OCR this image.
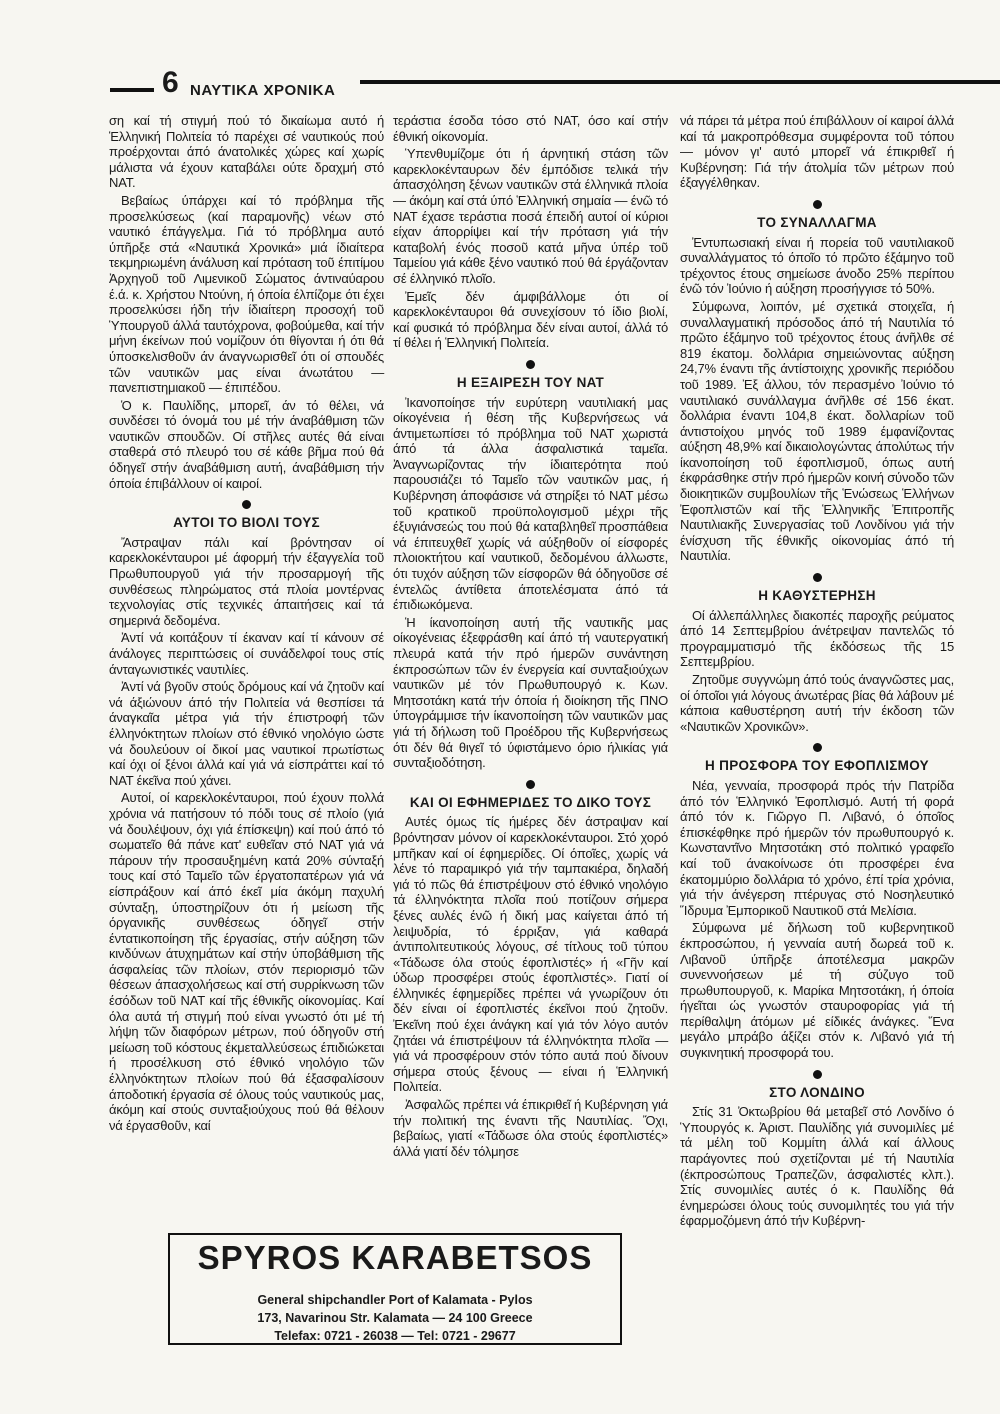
6 ΝΑΥΤΙΚΑ ΧΡΟΝΙΚΑ

ση καί τή στιγμή πού τό δικαίωμα αυτό ή Ἑλληνική Πολιτεία τό παρέχει σέ ναυτικούς πού προέρχονται άπό άνατολικές χώρες καί χωρίς μάλιστα νά έχουν καταβάλει ούτε δραχμή στό ΝΑΤ.

Βεβαίως ύπάρχει καί τό πρόβλημα τῆς προσελκύσεως (καί παραμονῆς) νέων στό ναυτικό έπάγγελμα. Γιά τό πρόβλημα αυτό ύπῆρξε στά «Ναυτικά Χρονικά» μιά ίδιαίτερα τεκμηριωμένη άνάλυση καί πρόταση τοῦ έπιτίμου Ἀρχηγοῦ τοῦ Λιμενικοῦ Σώματος άντιναύαρου έ.ά. κ. Χρήστου Ντούνη, ή όποία έλπίζομε ότι έχει προσελκύσει ήδη τήν ίδιαίτερη προσοχή τοῦ Ὑπουργοῦ άλλά ταυτόχρονα, φοβούμεθα, καί τήν μήνη έκείνων πού νομίζουν ότι θίγονται ή ότι θά ύποσκελισθοῦν άν άναγνωρισθεῖ ότι οί σπουδές τῶν ναυτικῶν μας είναι άνωτάτου — πανεπιστημιακοῦ — έπιπέδου.

Ὁ κ. Παυλίδης, μπορεῖ, άν τό θέλει, νά συνδέσει τό όνομά του μέ τήν άναβάθμιση τῶν ναυτικῶν σπουδῶν. Οί στῆλες αυτές θά είναι σταθερά στό πλευρό του σέ κάθε βῆμα πού θά όδηγεῖ στήν άναβάθμιση αυτή, άναβάθμιση τήν όποία έπιβάλλουν οί καιροί.

ΑΥΤΟΙ ΤΟ ΒΙΟΛΙ ΤΟΥΣ

Ἄστραψαν πάλι καί βρόντησαν οί καρεκλοκένταυροι μέ άφορμή τήν έξαγγελία τοῦ Πρωθυπουργοῦ γιά τήν προσαρμογή τῆς συνθέσεως πληρώματος στά πλοία μοντέρνας τεχνολογίας στίς τεχνικές άπαιτήσεις καί τά σημερινά δεδομένα.

Ἀντί νά κοιτάξουν τί έκαναν καί τί κάνουν σέ άνάλογες περιπτώσεις οί συνάδελφοί τους στίς άνταγωνιστικές ναυτιλίες.

Ἀντί νά βγοῦν στούς δρόμους καί νά ζητοῦν καί νά άξιώνουν άπό τήν Πολιτεία νά θεσπίσει τά άναγκαῖα μέτρα γιά τήν έπιστροφή τῶν έλληνόκτητων πλοίων στό έθνικό νηολόγιο ώστε νά δουλεύουν οί δικοί μας ναυτικοί πρωτίστως καί όχι οί ξένοι άλλά καί γιά νά είσπράττει καί τό ΝΑΤ έκεῖνα πού χάνει.

Αυτοί, οί καρεκλοκένταυροι, πού έχουν πολλά χρόνια νά πατήσουν τό πόδι τους σέ πλοίο (γιά νά δουλέψουν, όχι γιά έπίσκεψη) καί πού άπό τό σωματεῖο θά πάνε κατ' ευθεῖαν στό ΝΑΤ γιά νά πάρουν τήν προσαυξημένη κατά 20% σύνταξή τους καί στό Ταμεῖο τῶν έργατοπατέρων γιά νά είσπράξουν καί άπό έκεῖ μία άκόμη παχυλή σύνταξη, ύποστηρίζουν ότι ή μείωση τῆς όργανικῆς συνθέσεως όδηγεῖ στήν έντατικοποίηση τῆς έργασίας, στήν αύξηση τῶν κινδύνων άτυχημάτων καί στήν ύποβάθμιση τῆς άσφαλείας τῶν πλοίων, στόν περιορισμό τῶν θέσεων άπασχολήσεως καί στή συρρίκνωση τῶν έσόδων τοῦ ΝΑΤ καί τῆς έθνικῆς οίκονομίας. Καί όλα αυτά τή στιγμή πού είναι γνωστό ότι μέ τή λήψη τῶν διαφόρων μέτρων, πού όδηγοῦν στή μείωση τοῦ κόστους έκμεταλλεύσεως έπιδιώκεται ή προσέλκυση στό έθνικό νηολόγιο τῶν έλληνόκτητων πλοίων πού θά έξασφαλίσουν άποδοτική έργασία σέ όλους τούς ναυτικούς μας, άκόμη καί στούς συνταξιούχους πού θά θέλουν νά έργασθοῦν, καί

τεράστια έσοδα τόσο στό ΝΑΤ, όσο καί στήν έθνική οίκονομία.

Ὑπενθυμίζομε ότι ή άρνητική στάση τῶν καρεκλοκένταυρων δέν έμπόδισε τελικά τήν άπασχόληση ξένων ναυτικῶν στά έλληνικά πλοία — άκόμη καί στά ύπό Ἑλληνική σημαία — ένῶ τό ΝΑΤ έχασε τεράστια ποσά έπειδή αυτοί οί κύριοι είχαν άπορρίψει καί τήν πρόταση γιά τήν καταβολή ένός ποσοῦ κατά μῆνα ύπέρ τοῦ Ταμείου γιά κάθε ξένο ναυτικό πού θά έργάζονταν σέ έλληνικό πλοῖο.

Ἐμεῖς δέν άμφιβάλλομε ότι οί καρεκλοκένταυροι θά συνεχίσουν τό ίδιο βιολί, καί φυσικά τό πρόβλημα δέν είναι αυτοί, άλλά τό τί θέλει ή Ἑλληνική Πολιτεία.

Η ΕΞΑΙΡΕΣΗ ΤΟΥ ΝΑΤ

Ἰκανοποίησε τήν ευρύτερη ναυτιλιακή μας οίκογένεια ή θέση τῆς Κυβερνήσεως νά άντιμετωπίσει τό πρόβλημα τοῦ ΝΑΤ χωριστά άπό τά άλλα άσφαλιστικά ταμεῖα. Ἀναγνωρίζοντας τήν ίδιαιτερότητα πού παρουσιάζει τό Ταμεῖο τῶν ναυτικῶν μας, ή Κυβέρνηση άποφάσισε νά στηρίξει τό ΝΑΤ μέσω τοῦ κρατικοῦ προϋπολογισμοῦ μέχρι τῆς έξυγιάνσεώς του πού θά καταβληθεῖ προσπάθεια νά έπιτευχθεῖ χωρίς νά αύξηθοῦν οί είσφορές πλοιοκτήτου καί ναυτικοῦ, δεδομένου άλλωστε, ότι τυχόν αύξηση τῶν είσφορῶν θά όδηγοῦσε σέ έντελῶς άντίθετα άποτελέσματα άπό τά έπιδιωκόμενα.

Ἡ ίκανοποίηση αυτή τῆς ναυτικῆς μας οίκογένειας έξεφράσθη καί άπό τή ναυτεργατική πλευρά κατά τήν πρό ήμερῶν συνάντηση έκπροσώπων τῶν έν ένεργεία καί συνταξιούχων ναυτικῶν μέ τόν Πρωθυπουργό κ. Κων. Μητσοτάκη κατά τήν όποία ή διοίκηση τῆς ΠΝΟ ύπογράμμισε τήν ίκανοποίηση τῶν ναυτικῶν μας γιά τή δήλωση τοῦ Προέδρου τῆς Κυβερνήσεως ότι δέν θά θιγεῖ τό ύφιστάμενο όριο ήλικίας γιά συνταξιοδότηση.

ΚΑΙ ΟΙ ΕΦΗΜΕΡΙΔΕΣ ΤΟ ΔΙΚΟ ΤΟΥΣ

Αυτές όμως τίς ήμέρες δέν άστραψαν καί βρόντησαν μόνον οί καρεκλοκένταυροι. Στό χορό μπῆκαν καί οί έφημερίδες. Οί όποῖες, χωρίς νά λένε τό παραμικρό γιά τήν ταμπακιέρα, δηλαδή γιά τό πῶς θά έπιστρέψουν στό έθνικό νηολόγιο τά έλληνόκτητα πλοῖα πού ποτίζουν σήμερα ξένες αυλές ένῶ ή δική μας καίγεται άπό τή λειψυδρία, τό έρριξαν, γιά καθαρά άντιπολιτευτικούς λόγους, σέ τίτλους τοῦ τύπου «Τάδωσε όλα στούς έφοπλιστές» ή «Γῆν καί ύδωρ προσφέρει στούς έφοπλιστές». Γιατί οί έλληνικές έφημερίδες πρέπει νά γνωρίζουν ότι δέν είναι οί έφοπλιστές έκεῖνοι πού ζητοῦν. Ἐκεῖνη πού έχει άνάγκη καί γιά τόν λόγο αυτόν ζητάει νά έπιστρέψουν τά έλληνόκτητα πλοῖα — γιά νά προσφέρουν στόν τόπο αυτά πού δίνουν σήμερα στούς ξένους — είναι ή Ἑλληνική Πολιτεία.

Ἀσφαλῶς πρέπει νά έπικριθεῖ ή Κυβέρνηση γιά τήν πολιτική της έναντι τῆς Ναυτιλίας. Ὄχι, βεβαίως, γιατί «Τάδωσε όλα στούς έφοπλιστές» άλλά γιατί δέν τόλμησε

νά πάρει τά μέτρα πού έπιβάλλουν οί καιροί άλλά καί τά μακροπρόθεσμα συμφέροντα τοῦ τόπου — μόνον γι' αυτό μπορεῖ νά έπικριθεῖ ή Κυβέρνηση: Γιά τήν άτολμία τῶν μέτρων πού έξαγγέλθηκαν.

ΤΟ ΣΥΝΑΛΛΑΓΜΑ

Ἐντυπωσιακή είναι ή πορεία τοῦ ναυτιλιακοῦ συναλλάγματος τό όποῖο τό πρῶτο έξάμηνο τοῦ τρέχοντος έτους σημείωσε άνοδο 25% περίπου ένῶ τόν Ἰούνιο ή αύξηση προσήγγισε τό 50%.

Σύμφωνα, λοιπόν, μέ σχετικά στοιχεῖα, ή συναλλαγματική πρόσοδος άπό τή Ναυτιλία τό πρῶτο έξάμηνο τοῦ τρέχοντος έτους άνῆλθε σέ 819 έκατομ. δολλάρια σημειώνοντας αύξηση 24,7% έναντι τῆς άντίστοιχης χρονικῆς περιόδου τοῦ 1989. Ἐξ άλλου, τόν περασμένο Ἰούνιο τό ναυτιλιακό συνάλλαγμα άνῆλθε σέ 156 έκατ. δολλάρια έναντι 104,8 έκατ. δολλαρίων τοῦ άντιστοίχου μηνός τοῦ 1989 έμφανίζοντας αύξηση 48,9% καί δικαιολογώντας άπολύτως τήν ίκανοποίηση τοῦ έφοπλισμοῦ, όπως αυτή έκφράσθηκε στήν πρό ήμερῶν κοινή σύνοδο τῶν διοικητικῶν συμβουλίων τῆς Ἑνώσεως Ἑλλήνων Ἐφοπλιστῶν καί τῆς Ἑλληνικῆς Ἐπιτροπῆς Ναυτιλιακῆς Συνεργασίας τοῦ Λονδίνου γιά τήν ένίσχυση τῆς έθνικῆς οίκονομίας άπό τή Ναυτιλία.

Η ΚΑΘΥΣΤΕΡΗΣΗ

Οί άλλεπάλληλες διακοπές παροχῆς ρεύματος άπό 14 Σεπτεμβρίου άνέτρεψαν παντελῶς τό προγραμματισμό τῆς έκδόσεως τῆς 15 Σεπτεμβρίου.

Ζητοῦμε συγγνώμη άπό τούς άναγνῶστες μας, οί όποῖοι γιά λόγους άνωτέρας βίας θά λάβουν μέ κάποια καθυστέρηση αυτή τήν έκδοση τῶν «Ναυτικῶν Χρονικῶν».

Η ΠΡΟΣΦΟΡΑ ΤΟΥ ΕΦΟΠΛΙΣΜΟΥ

Νέα, γενναία, προσφορά πρός τήν Πατρίδα άπό τόν Ἑλληνικό Ἐφοπλισμό. Αυτή τή φορά άπό τόν κ. Γιῶργο Π. Λιβανό, ό όποῖος έπισκέφθηκε πρό ήμερῶν τόν πρωθυπουργό κ. Κωνσταντῖνο Μητσοτάκη στό πολιτικό γραφεῖο καί τοῦ άνακοίνωσε ότι προσφέρει ένα έκατομμύριο δολλάρια τό χρόνο, έπί τρία χρόνια, γιά τήν άνέγερση πτέρυγας στό Νοσηλευτικό Ἵδρυμα Ἐμπορικοῦ Ναυτικοῦ στά Μελίσια.

Σύμφωνα μέ δήλωση τοῦ κυβερνητικοῦ έκπροσώπου, ή γενναία αυτή δωρεά τοῦ κ. Λιβανοῦ ύπῆρξε άποτέλεσμα μακρῶν συνεννοήσεων μέ τή σύζυγο τοῦ πρωθυπουργοῦ, κ. Μαρίκα Μητσοτάκη, ή όποία ήγεῖται ώς γνωστόν σταυροφορίας γιά τή περίθαλψη άτόμων μέ είδικές άνάγκες. Ἕνα μεγάλο μπράβο άξίζει στόν κ. Λιβανό γιά τή συγκινητική προσφορά του.

ΣΤΟ ΛΟΝΔΙΝΟ

Στίς 31 Ὀκτωβρίου θά μεταβεῖ στό Λονδίνο ό Ὑπουργός κ. Ἀριστ. Παυλίδης γιά συνομιλίες μέ τά μέλη τοῦ Κομμίτη άλλά καί άλλους παράγοντες πού σχετίζονται μέ τή Ναυτιλία (έκπροσώπους Τραπεζῶν, άσφαλιστές κλπ.). Στίς συνομιλίες αυτές ό κ. Παυλίδης θά ένημερώσει όλους τούς συνομιλητές του γιά τήν έφαρμοζόμενη άπό τήν Κυβέρνη-

SPYROS KARABETSOS
General shipchandler Port of Kalamata - Pylos
173, Navarinou Str. Kalamata — 24 100 Greece
Telefax: 0721 - 26038 — Tel: 0721 - 29677
